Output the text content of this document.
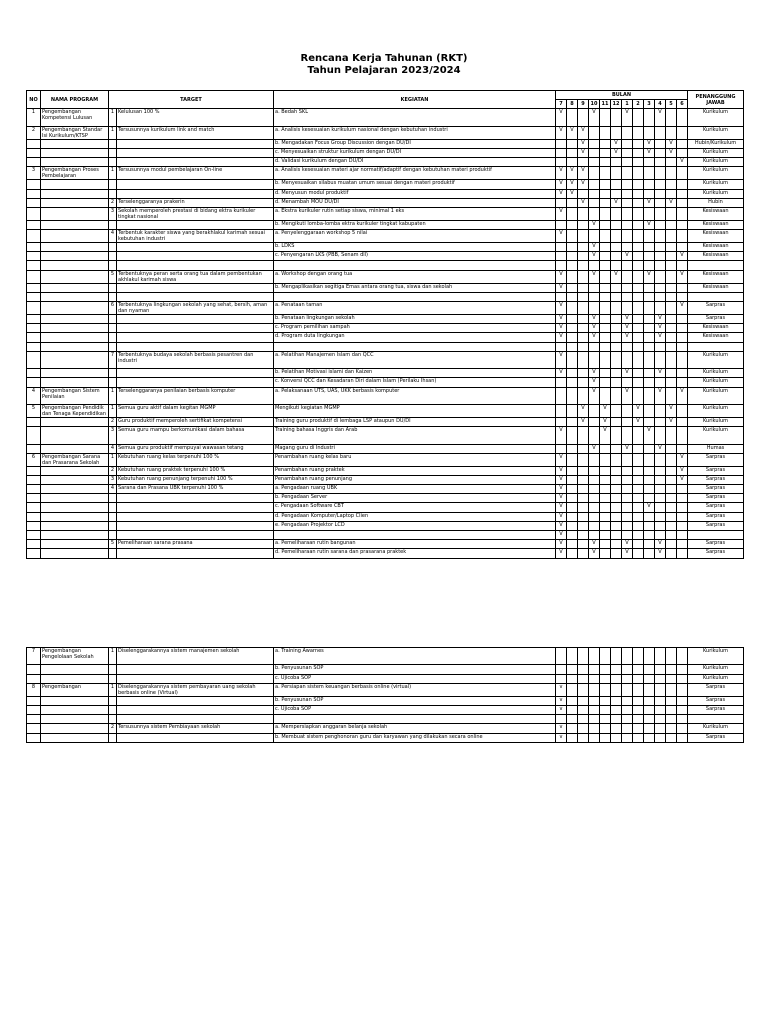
Rencana Kerja Tahunan (RKT)
Tahun Pelajaran 2023/2024
NO	NAMA PROGRAM	TARGET		KEGIATAN	BULAN												PENANGGUNG JAWAB
					7	8	9	10	11	12	1	2	3	4	5	6	
1	Pengembangan Kompetensi Lulusan	1	Kelulusan 100 %	a. Bedah SKL	V			V			V			V			Kurikulum
2	Pengembangan Standar Isi Kurikulum/KTSP	1	Tersusunnya kurikulum link and match	a. Analisis kesesuaian kurikulum nasional dengan kebutuhan industri	V	V	V										Kurikulum
				b. Mengadakan Focus Group Discussion dengan DU/DI			V			V			V		V		Hubin/Kurikulum
				c. Menyesuaikan struktur kurikulum dengan DU/DI			V			V			V		V		Kurikulum
				d. Validasi kurikulum dengan DU/DI												V	Kurikulum
3	Pengembangan Proses Pembelajaran	1	Tersusunnya modul pembelajaran On-line	a. Analisis kesesuaian materi ajar normatif/adaptif dengan kebutuhan materi produktif	V	V	V										Kurikulum
				b. Menyesuaikan silabus muatan umum sesuai dengan materi produktif	V	V	V										Kurikulum
				d. Menyusun modul produktif	V	V											Kurikulum
		2	Terselenggaranya prakerin	d. Menambah MOU DU/DI			V			V			V		V		Hubin
		3	Sekolah memperoleh prestasi di bidang ektra kurikuler tingkat nasional	a. Ekstra kurikuler rutin setiap siswa, minimal 1 eks	V												Kesiswaan
				b. Mengikuti lomba-lomba ektra kurikuler tingkat kabupaten				V					V				Kesiswaan
		4	Terbentuk karakter siswa yang berakhlakul karimah sesuai kebutuhan industri	a. Penyelenggaraan workshop 5 nilai	V												Kesiswaan
				b. LDKS				V									Kesiswaan
				c. Penyengaran LKS (PBB, Senam dll)				V			V					V	Kesiswaan

		5	Terbentuknya peran serta orang tua dalam pembentukan akhlakul karimah siswa	a. Workshop dengan orang tua	V			V		V			V			V	Kesiswaan
				b. Mengaplikasikan segitiga Emas antara orang tua, siswa dan sekolah	V												Kesiswaan

		6	Terbentuknya lingkungan sekolah yang sehat, bersih, aman dan nyaman	a. Penataan taman	V											V	Sarpras
				b. Penataan lingkungan sekolah	V			V			V			V			Sarpras
				c. Program pemilihan sampah	V			V			V			V			Kesiswaan
				d. Program duta lingkungan	V			V			V			V			Kesiswaan

		7	Terbentuknya budaya sekolah berbasis pesantren dan industri	a. Pelatihan Manajemen Islam dan QCC	V												Kurikulum
				b. Pelatihan Motivasi islami dan Kaizen	V			V			V			V			Kurikulum
				c. Konversi QCC dan Kesadaran Diri dalam Islam (Perilaku Ihsan)				V									Kurikulum
4	Pengembangan Sistem Penilaian	1	Terselenggaranya penilaian berbasis komputer	a. Pelaksanaan UTS, UAS, UKK berbasis komputer				V			V			V		V	Kurikulum
5	Pengembangan Pendidik dan Tenaga Kependidikan	1	Semua guru aktif dalam kegitan MGMP	Mengikuti kegiatan MGMP			V		V			V			V		Kurikulum
		2	Guru produktif memperoleh sertifikat kompetensi	Training guru produktif di lembaga LSP ataupun DU/DI			V		V			V			V		Kurikulum
		3	Semua guru mampu berkomunikasi dalam bahasa	Training bahasa Inggris dan Arab	V				V				V				Kurikulum
		4	Semua guru produktif mempuyai wawasan tetang	Magang guru di Industri				V			V			V			Humas
6	Pengembangan Sarana dan Prasarana Sekolah	1	Kebutuhan ruang kelas terpenuhi 100 %	Penambahan ruang kelas baru	V											V	Sarpras
		2	Kebutuhan ruang praktek terpenuhi 100 %	Penambahan ruang praktek	V											V	Sarpras
		3	Kebutuhan ruang penunjang terpenuhi 100 %	Penambahan ruang penunjang	V											V	Sarpras
		4	Sarana dan Prasana UBK terpenuhi 100 %	a. Pengadaan ruang UBK	V												Sarpras
				b. Pengadaan Server	V												Sarpras
				c. Pengadaan Software CBT	V								V				Sarpras
				d. Pengadaan Komputer/Laptop Clien	V												Sarpras
				e. Pengadaan Projektor LCD	V												Sarpras
					V												
		5	Pemeliharaan sarana prasana	a. Pemeliharaan rutin bangunan	V			V			V			V			Sarpras
				d. Pemeliharaan rutin sarana dan prasarana praktek	V			V			V			V			Sarpras
7	Pengembangan Pengelolaan Sekolah	1	Diselenggarakannya sistem manajemen sekolah	a. Training Awarnes													Kurikulum
				b. Penyusunan SOP													Kurikulum
				c. Ujicoba SOP													Kurikulum
8	Pengembangan	1	Diselenggarakannya sistem pembayaran uang sekolah berbasis online (Virtual)	a. Persiapan sistem keuangan berbasis online (virtual)	v												Sarpras
				b. Penyusunan SOP	v												Sarpras
				c. Ujicoba SOP	v												Sarpras

		2	Tersusunnya sistem Pembiayaan sekolah	a. Mempersiapkan anggaran belanja sekolah	v												Kurikulum
				b. Membuat sistem penghonoran guru dan karyawan yang dilakukan secara online	v												Sarpras
